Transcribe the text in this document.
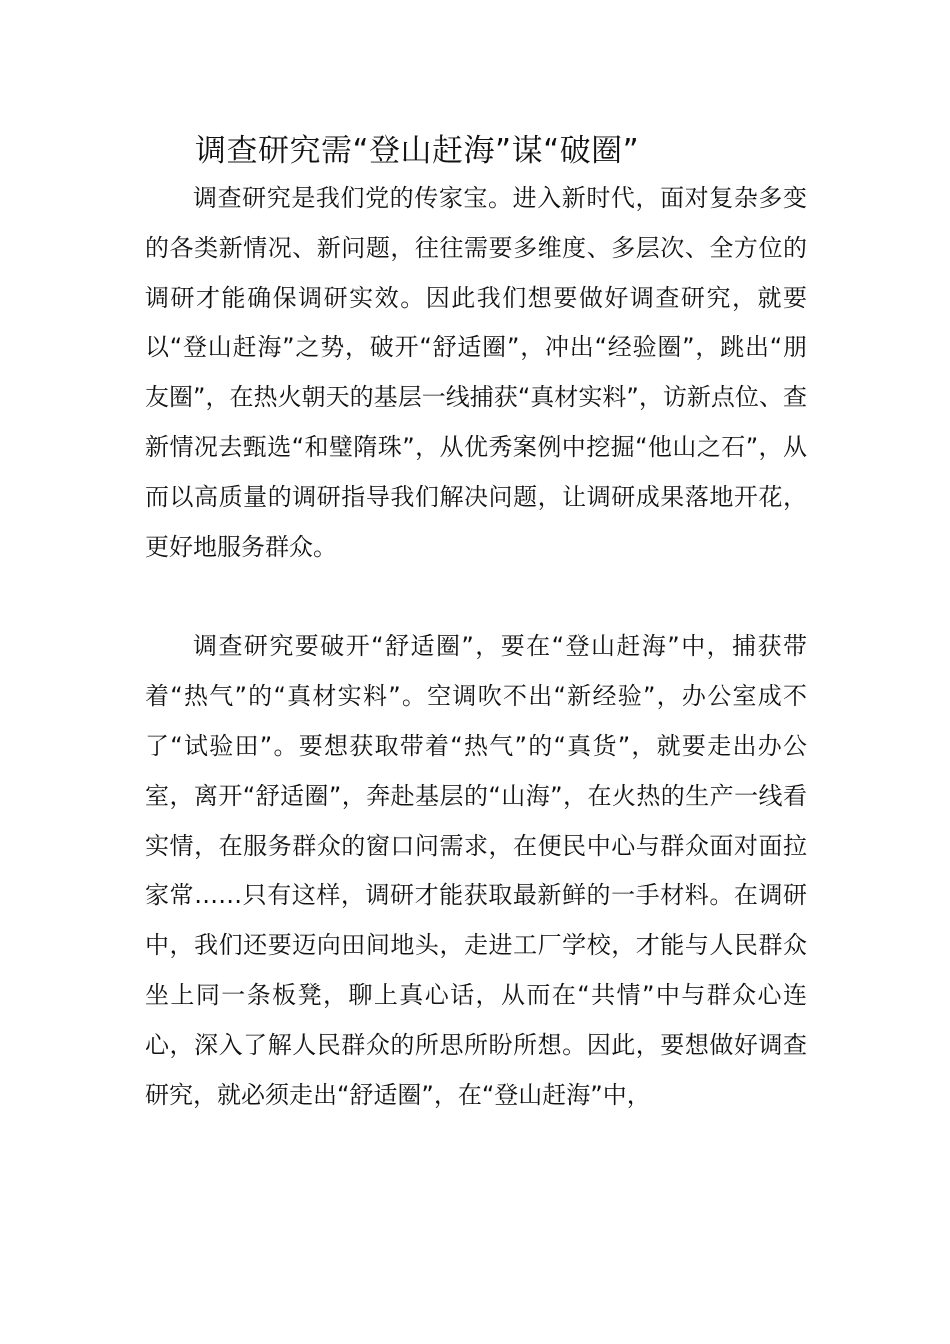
调查研究需“登山赶海”谋“破圈”

调查研究是我们党的传家宝。进入新时代，面对复杂多变的各类新情况、新问题，往往需要多维度、多层次、全方位的调研才能确保调研实效。因此我们想要做好调查研究，就要以“登山赶海”之势，破开“舒适圈”，冲出“经验圈”，跳出“朋友圈”，在热火朝天的基层一线捕获“真材实料”，访新点位、查新情况去甄选“和璧隋珠”，从优秀案例中挖掘“他山之石”，从而以高质量的调研指导我们解决问题，让调研成果落地开花，更好地服务群众。

调查研究要破开“舒适圈”，要在“登山赶海”中，捕获带着“热气”的“真材实料”。空调吹不出“新经验”，办公室成不了“试验田”。要想获取带着“热气”的“真货”，就要走出办公室，离开“舒适圈”，奔赴基层的“山海”，在火热的生产一线看实情，在服务群众的窗口问需求，在便民中心与群众面对面拉家常……只有这样，调研才能获取最新鲜的一手材料。在调研中，我们还要迈向田间地头，走进工厂学校，才能与人民群众坐上同一条板凳，聊上真心话，从而在“共情”中与群众心连心，深入了解人民群众的所思所盼所想。因此，要想做好调查研究，就必须走出“舒适圈”，在“登山赶海”中，
